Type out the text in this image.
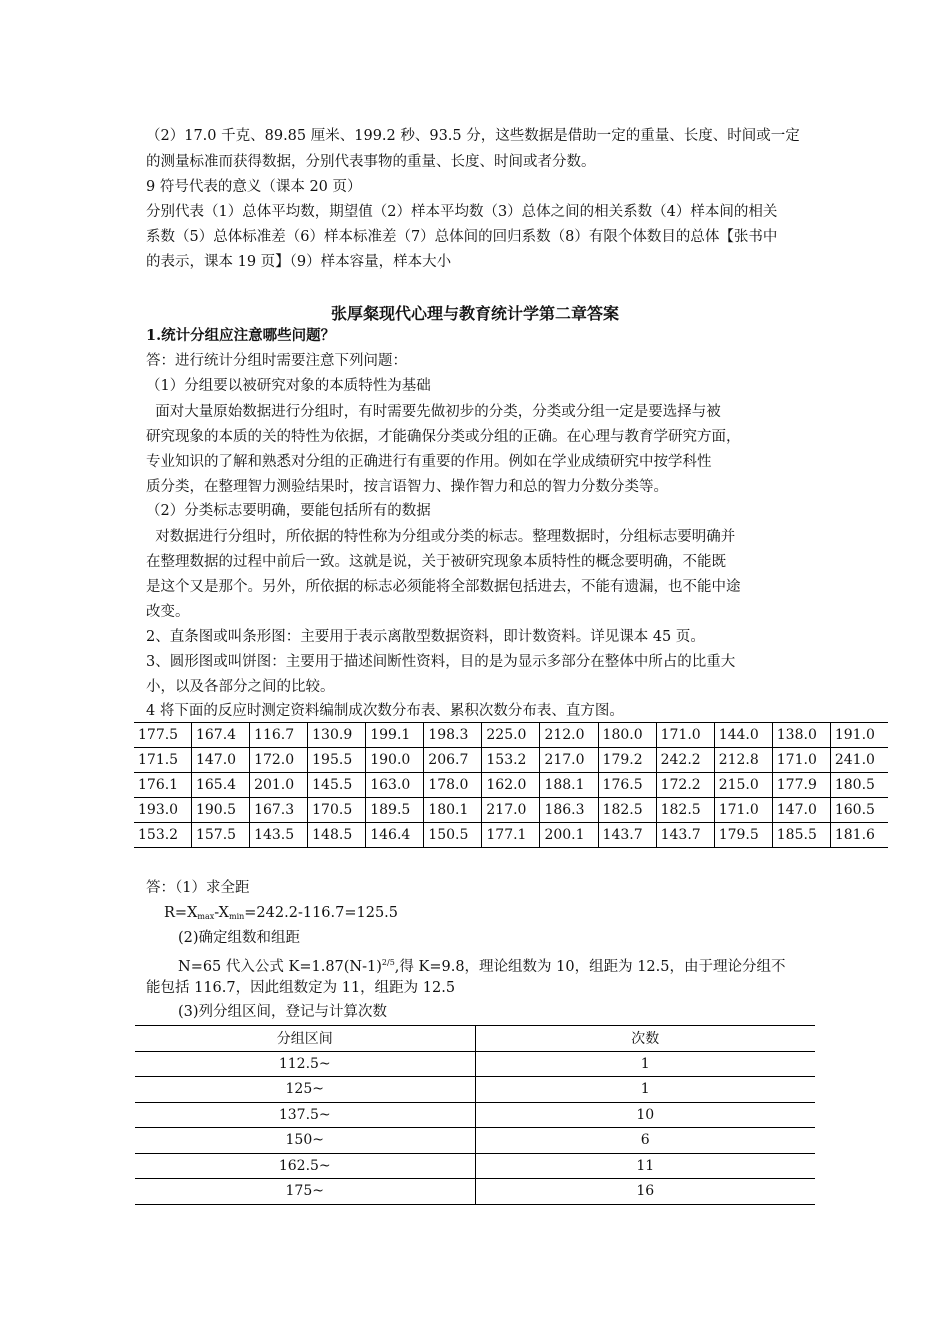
（2）17.0 千克、89.85 厘米、199.2 秒、93.5 分，这些数据是借助一定的重量、长度、时间或一定
的测量标准而获得数据，分别代表事物的重量、长度、时间或者分数。
9 符号代表的意义（课本 20 页）
分别代表（1）总体平均数，期望值（2）样本平均数（3）总体之间的相关系数（4）样本间的相关
系数（5）总体标准差（6）样本标准差（7）总体间的回归系数（8）有限个体数目的总体【张书中
的表示，课本 19 页】（9）样本容量，样本大小
张厚粲现代心理与教育统计学第二章答案
1.统计分组应注意哪些问题？
答：进行统计分组时需要注意下列问题：
（1）分组要以被研究对象的本质特性为基础
面对大量原始数据进行分组时，有时需要先做初步的分类，分类或分组一定是要选择与被
研究现象的本质的关的特性为依据，才能确保分类或分组的正确。在心理与教育学研究方面，
专业知识的了解和熟悉对分组的正确进行有重要的作用。例如在学业成绩研究中按学科性
质分类，在整理智力测验结果时，按言语智力、操作智力和总的智力分数分类等。
（2）分类标志要明确，要能包括所有的数据
对数据进行分组时，所依据的特性称为分组或分类的标志。整理数据时，分组标志要明确并
在整理数据的过程中前后一致。这就是说，关于被研究现象本质特性的概念要明确，不能既
是这个又是那个。另外，所依据的标志必须能将全部数据包括进去，不能有遗漏，也不能中途
改变。
2、直条图或叫条形图：主要用于表示离散型数据资料，即计数资料。详见课本 45 页。
3、圆形图或叫饼图：主要用于描述间断性资料，目的是为显示多部分在整体中所占的比重大
小，以及各部分之间的比较。
4 将下面的反应时测定资料编制成次数分布表、累积次数分布表、直方图。
177.5	167.4	116.7	130.9	199.1	198.3	225.0	212.0	180.0	171.0	144.0	138.0	191.0
171.5	147.0	172.0	195.5	190.0	206.7	153.2	217.0	179.2	242.2	212.8	171.0	241.0
176.1	165.4	201.0	145.5	163.0	178.0	162.0	188.1	176.5	172.2	215.0	177.9	180.5
193.0	190.5	167.3	170.5	189.5	180.1	217.0	186.3	182.5	182.5	171.0	147.0	160.5
153.2	157.5	143.5	148.5	146.4	150.5	177.1	200.1	143.7	143.7	179.5	185.5	181.6
答：（1）求全距
$R=X_{max}-X_{min}=242.2-116.7=125.5$
(2)确定组数和组距
N=65 代入公式 $K=1.87(N-1)^{2/5}$,得 K=9.8，理论组数为 10，组距为 12.5，由于理论分组不
能包括 116.7，因此组数定为 11，组距为 12.5
(3)列分组区间，登记与计算次数
分组区间	次数
112.5~	1
125~	1
137.5~	10
150~	6
162.5~	11
175~	16
